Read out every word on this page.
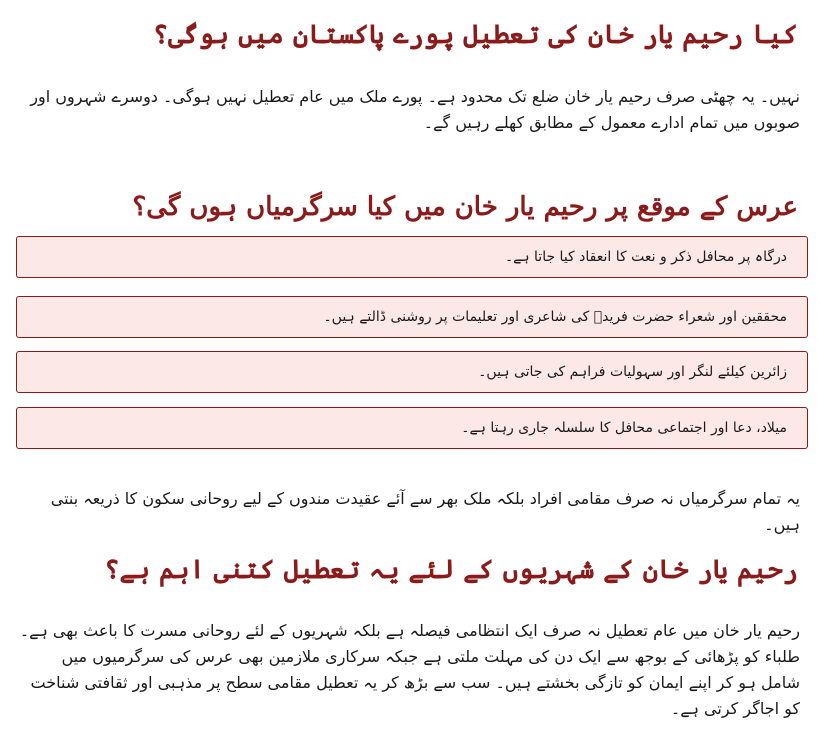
کیا رحیم یار خان کی تعطیل پورے پاکستان میں ہوگی؟

نہیں۔ یہ چھٹی صرف رحیم یار خان ضلع تک محدود ہے۔ پورے ملک میں عام تعطیل نہیں ہوگی۔ دوسرے شہروں اور صوبوں میں تمام ادارے معمول کے مطابق کھلے رہیں گے۔

عرس کے موقع پر رحیم یار خان میں کیا سرگرمیاں ہوں گی؟
درگاہ پر محافل ذکر و نعت کا انعقاد کیا جاتا ہے۔
محققین اور شعراء حضرت فریدؒ کی شاعری اور تعلیمات پر روشنی ڈالتے ہیں۔
زائرین کیلئے لنگر اور سہولیات فراہم کی جاتی ہیں۔
میلاد، دعا اور اجتماعی محافل کا سلسلہ جاری رہتا ہے۔

یہ تمام سرگرمیاں نہ صرف مقامی افراد بلکہ ملک بھر سے آئے عقیدت مندوں کے لیے روحانی سکون کا ذریعہ بنتی ہیں۔

رحیم یار خان کے شہریوں کے لئے یہ تعطیل کتنی اہم ہے؟

رحیم یار خان میں عام تعطیل نہ صرف ایک انتظامی فیصلہ ہے بلکہ شہریوں کے لئے روحانی مسرت کا باعث بھی ہے۔ طلباء کو پڑھائی کے بوجھ سے ایک دن کی مہلت ملتی ہے جبکہ سرکاری ملازمین بھی عرس کی سرگرمیوں میں شامل ہو کر اپنے ایمان کو تازگی بخشتے ہیں۔ سب سے بڑھ کر یہ تعطیل مقامی سطح پر مذہبی اور ثقافتی شناخت کو اجاگر کرتی ہے۔
